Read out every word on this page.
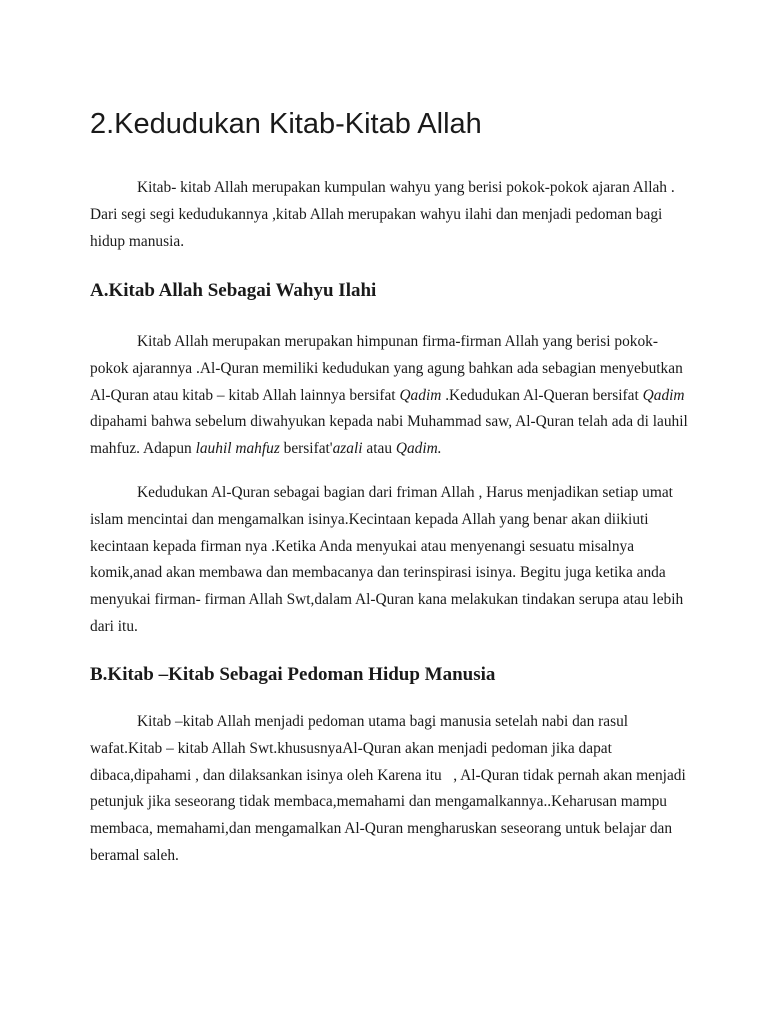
2.Kedudukan Kitab-Kitab Allah
Kitab- kitab Allah merupakan kumpulan wahyu yang berisi pokok-pokok ajaran Allah .
Dari segi segi kedudukannya ,kitab Allah merupakan wahyu ilahi dan menjadi pedoman bagi
hidup manusia.
A.Kitab Allah Sebagai Wahyu Ilahi
Kitab Allah merupakan merupakan himpunan firma-firman Allah yang berisi pokok-
pokok ajarannya .Al-Quran memiliki kedudukan yang agung bahkan ada sebagian menyebutkan
Al-Quran atau kitab – kitab Allah lainnya bersifat Qadim .Kedudukan Al-Queran bersifat Qadim
dipahami bahwa sebelum diwahyukan kepada nabi Muhammad saw, Al-Quran telah ada di lauhil
mahfuz. Adapun lauhil mahfuz bersifat'azali atau Qadim.
Kedudukan Al-Quran sebagai bagian dari friman Allah , Harus menjadikan setiap umat
islam mencintai dan mengamalkan isinya.Kecintaan kepada Allah yang benar akan diikiuti
kecintaan kepada firman nya .Ketika Anda menyukai atau menyenangi sesuatu misalnya
komik,anad akan membawa dan membacanya dan terinspirasi isinya. Begitu juga ketika anda
menyukai firman- firman Allah Swt,dalam Al-Quran kana melakukan tindakan serupa atau lebih
dari itu.
B.Kitab –Kitab Sebagai Pedoman Hidup Manusia
Kitab –kitab Allah menjadi pedoman utama bagi manusia setelah nabi dan rasul
wafat.Kitab – kitab Allah Swt.khususnyaAl-Quran akan menjadi pedoman jika dapat
dibaca,dipahami , dan dilaksankan isinya oleh Karena itu   , Al-Quran tidak pernah akan menjadi
petunjuk jika seseorang tidak membaca,memahami dan mengamalkannya..Keharusan mampu
membaca, memahami,dan mengamalkan Al-Quran mengharuskan seseorang untuk belajar dan
beramal saleh.
